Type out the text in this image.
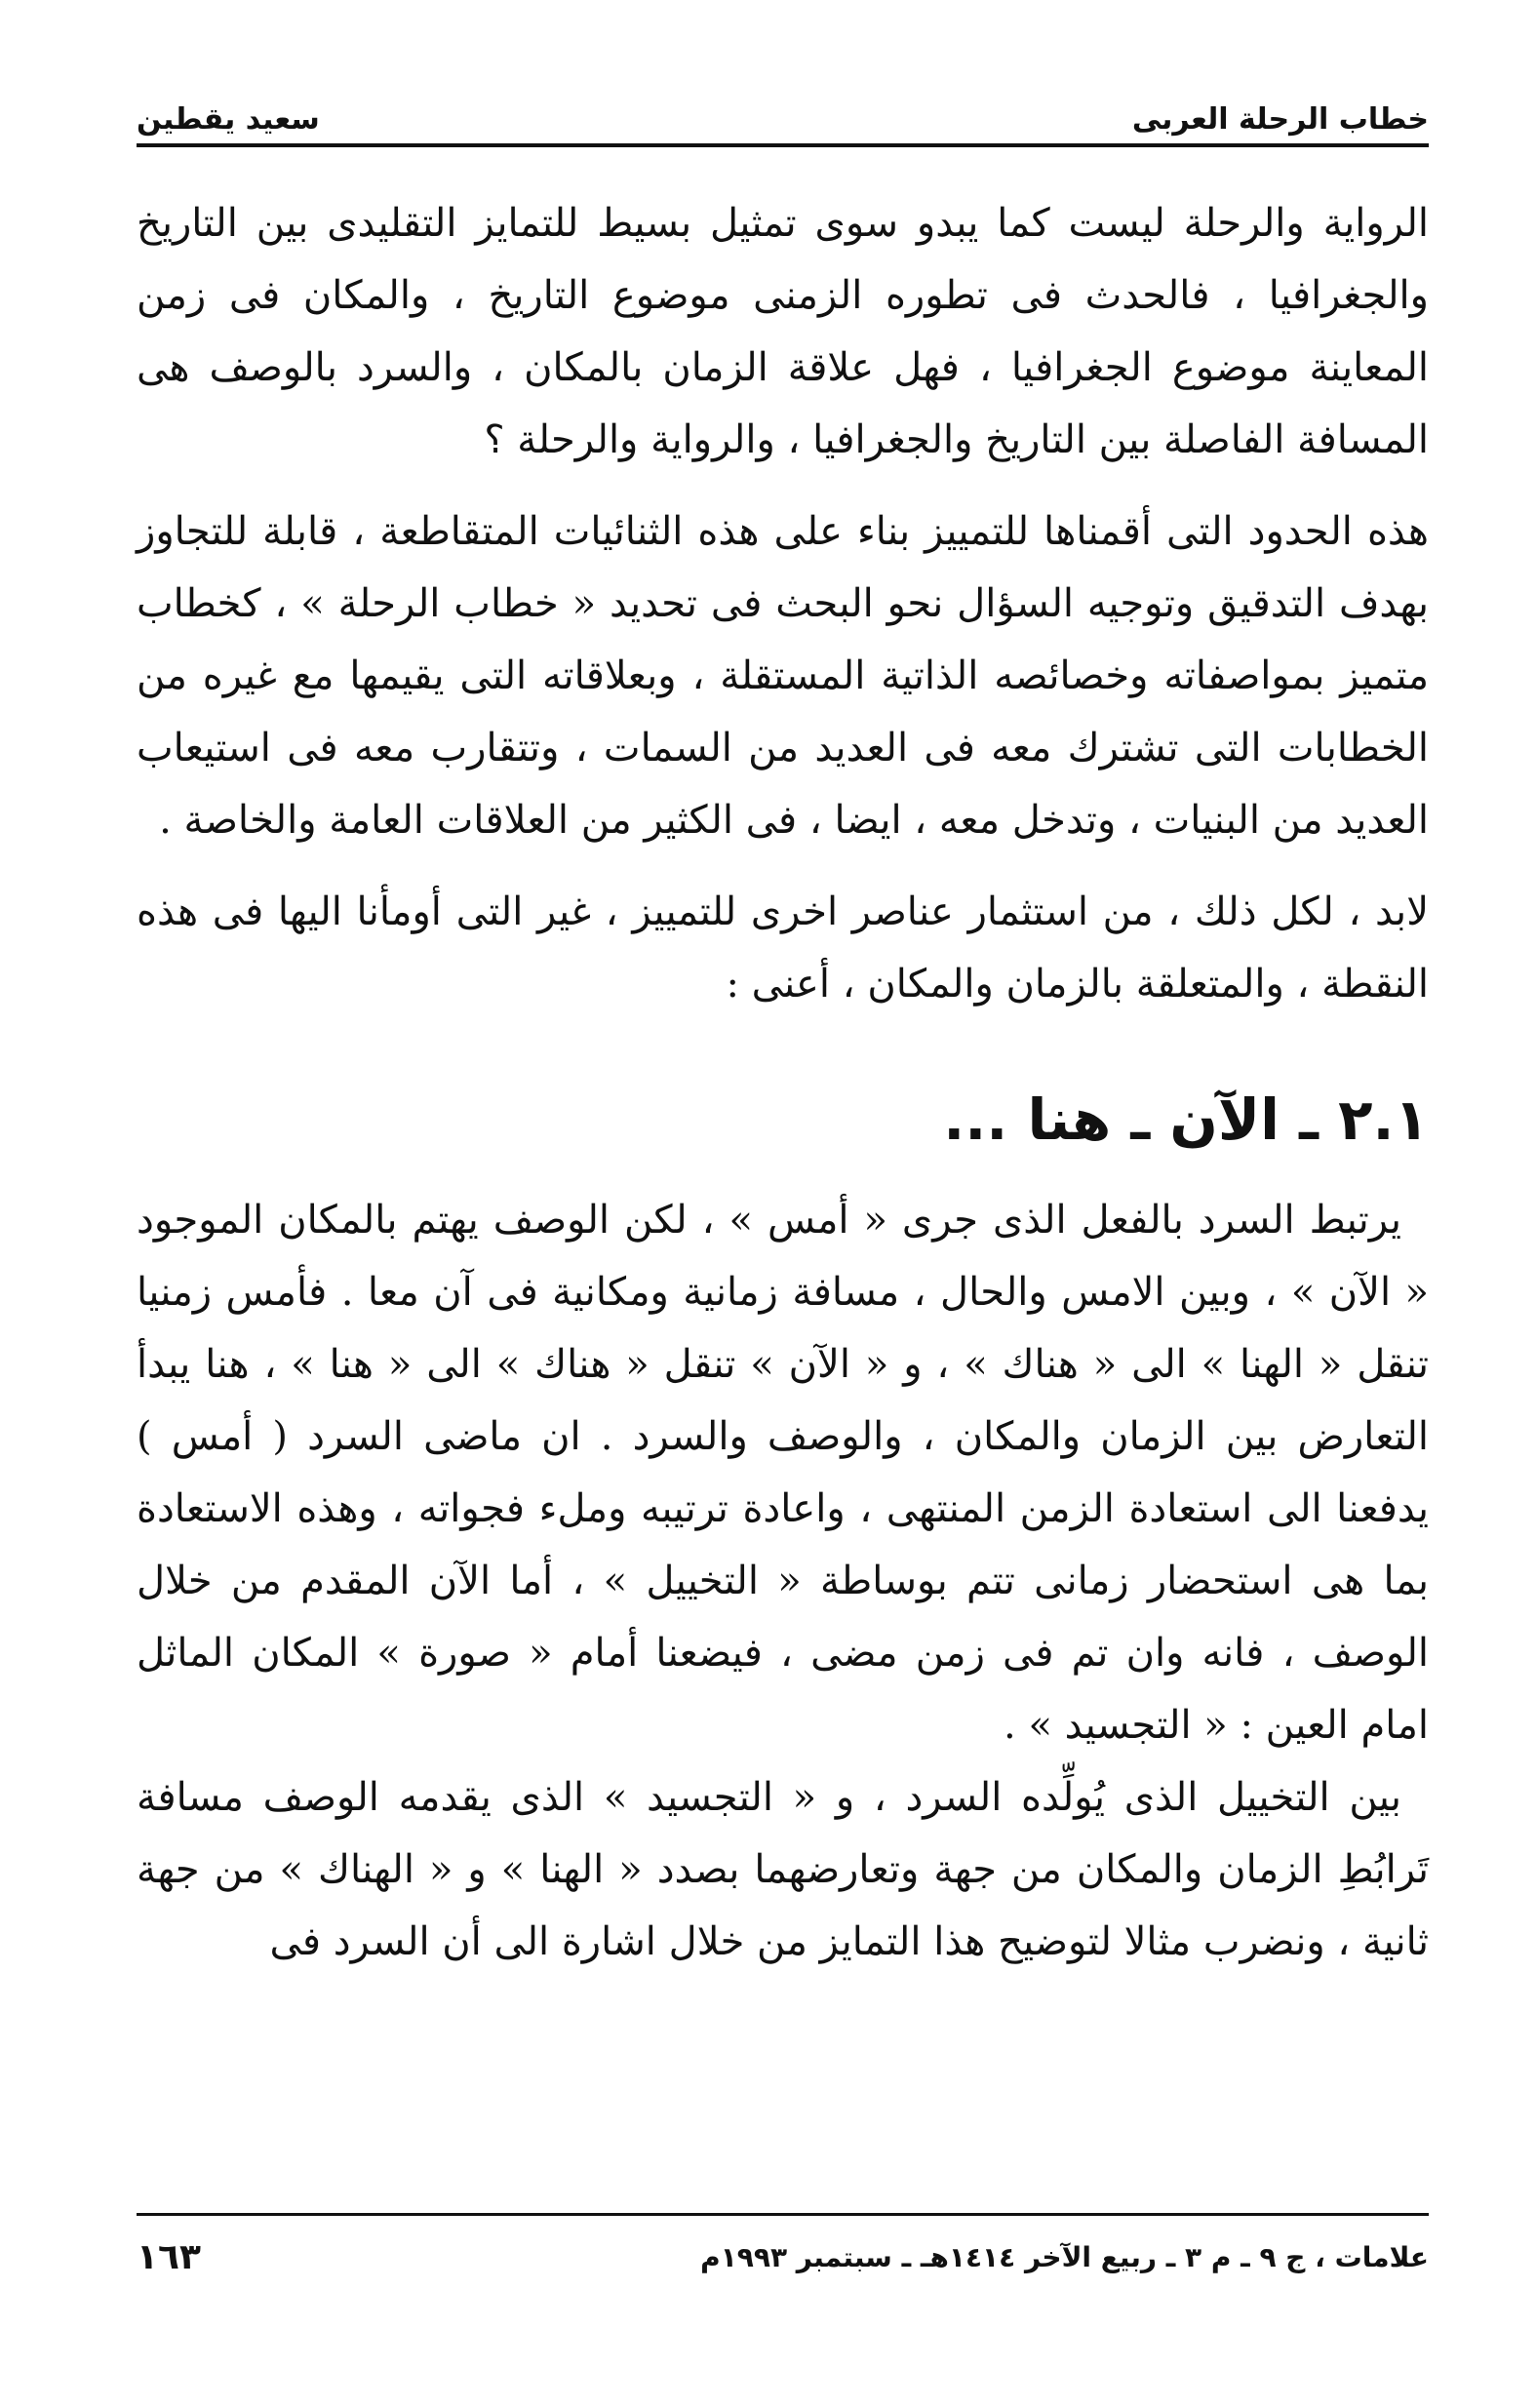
خطاب الرحلة العربى
سعيد يقطين

الرواية والرحلة ليست كما يبدو سوى تمثيل بسيط للتمايز التقليدى بين التاريخ والجغرافيا ، فالحدث فى تطوره الزمنى موضوع التاريخ ، والمكان فى زمن المعاينة موضوع الجغرافيا ، فهل علاقة الزمان بالمكان ، والسرد بالوصف هى المسافة الفاصلة بين التاريخ والجغرافيا ، والرواية والرحلة ؟

هذه الحدود التى أقمناها للتمييز بناء على هذه الثنائيات المتقاطعة ، قابلة للتجاوز بهدف التدقيق وتوجيه السؤال نحو البحث فى تحديد « خطاب الرحلة » ، كخطاب متميز بمواصفاته وخصائصه الذاتية المستقلة ، وبعلاقاته التى يقيمها مع غيره من الخطابات التى تشترك معه فى العديد من السمات ، وتتقارب معه فى استيعاب العديد من البنيات ، وتدخل معه ، ايضا ، فى الكثير من العلاقات العامة والخاصة .

لابد ، لكل ذلك ، من استثمار عناصر اخرى للتمييز ، غير التى أومأنا اليها فى هذه النقطة ، والمتعلقة بالزمان والمكان ، أعنى :

٢.١ ـ الآن ـ هنا ...

يرتبط السرد بالفعل الذى جرى « أمس » ، لكن الوصف يهتم بالمكان الموجود « الآن » ، وبين الامس والحال ، مسافة زمانية ومكانية فى آن معا . فأمس زمنيا تنقل « الهنا » الى « هناك » ، و « الآن » تنقل « هناك » الى « هنا » ، هنا يبدأ التعارض بين الزمان والمكان ، والوصف والسرد . ان ماضى السرد ( أمس ) يدفعنا الى استعادة الزمن المنتهى ، واعادة ترتيبه وملء فجواته ، وهذه الاستعادة بما هى استحضار زمانى تتم بوساطة « التخييل » ، أما الآن المقدم من خلال الوصف ، فانه وان تم فى زمن مضى ، فيضعنا أمام « صورة » المكان الماثل امام العين : « التجسيد » .

بين التخييل الذى يُولِّده السرد ، و « التجسيد » الذى يقدمه الوصف مسافة تَرابُطِ الزمان والمكان من جهة وتعارضهما بصدد « الهنا » و « الهناك » من جهة ثانية ، ونضرب مثالا لتوضيح هذا التمايز من خلال اشارة الى أن السرد فى

علامات ، ج ٩ ـ م ٣ ـ ربيع الآخر ١٤١٤هـ ـ سبتمبر ١٩٩٣م
١٦٣
